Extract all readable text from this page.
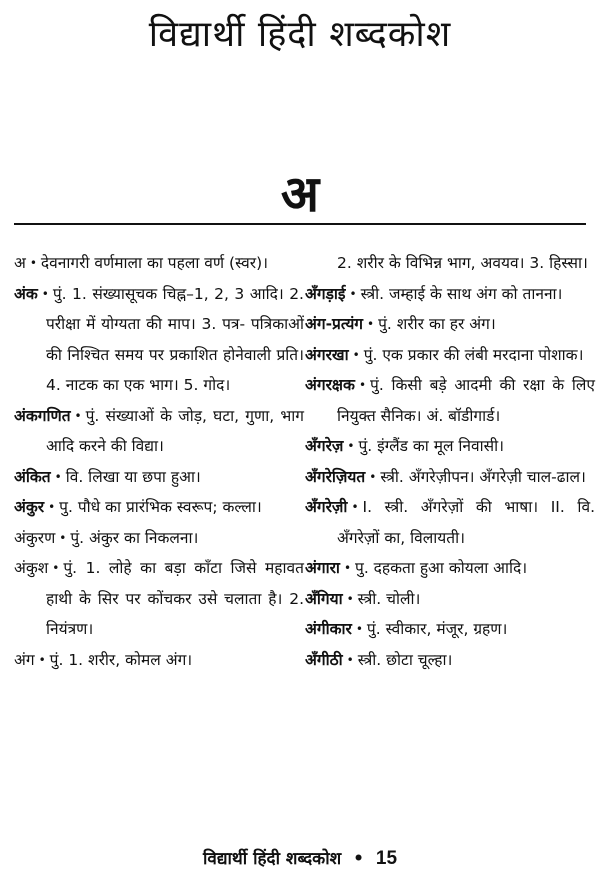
विद्यार्थी हिंदी शब्दकोश
अ
अ • देवनागरी वर्णमाला का पहला वर्ण (स्वर)।
अंक • पुं. 1. संख्यासूचक चिह्न–1, 2, 3 आदि। 2. परीक्षा में योग्यता की माप। 3. पत्र- पत्रिकाओं की निश्चित समय पर प्रकाशित होनेवाली प्रति। 4. नाटक का एक भाग। 5. गोद।
अंकगणित • पुं. संख्याओं के जोड़, घटा, गुणा, भाग आदि करने की विद्या।
अंकित • वि. लिखा या छपा हुआ।
अंकुर • पु. पौधे का प्रारंभिक स्वरूप; कल्ला।
अंकुरण • पुं. अंकुर का निकलना।
अंकुश • पुं. 1. लोहे का बड़ा काँटा जिसे महावत हाथी के सिर पर कोंचकर उसे चलाता है। 2. नियंत्रण।
अंग • पुं. 1. शरीर, कोमल अंग।
2. शरीर के विभिन्न भाग, अवयव। 3. हिस्सा।
अँगड़ाई • स्त्री. जम्हाई के साथ अंग को तानना।
अंग-प्रत्यंग • पुं. शरीर का हर अंग।
अंगरखा • पुं. एक प्रकार की लंबी मरदाना पोशाक।
अंगरक्षक • पुं. किसी बड़े आदमी की रक्षा के लिए नियुक्त सैनिक। अं. बॉडीगार्ड।
अँगरेज़ • पुं. इंग्लैंड का मूल निवासी।
अँगरेज़ियत • स्त्री. अँगरेज़ीपन। अँगरेज़ी चाल-ढाल।
अँगरेज़ी • I. स्त्री. अँगरेज़ों की भाषा। II. वि. अँगरेज़ों का, विलायती।
अंगारा • पु. दहकता हुआ कोयला आदि।
अँगिया • स्त्री. चोली।
अंगीकार • पुं. स्वीकार, मंजूर, ग्रहण।
अँगीठी • स्त्री. छोटा चूल्हा।
विद्यार्थी हिंदी शब्दकोश • 15
